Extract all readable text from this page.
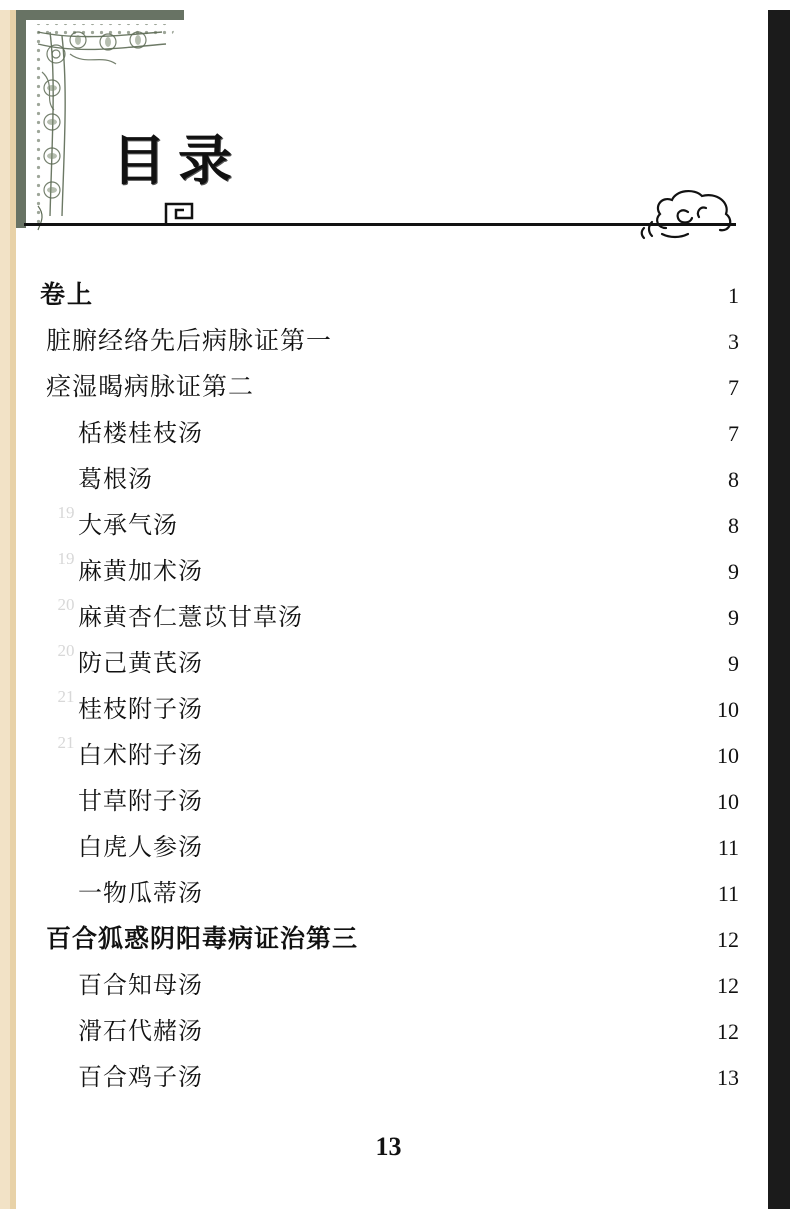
19
19
20
20
21
21
目录
卷上 ·····	1
脏腑经络先后病脉证第一 ·····	3
痉湿暍病脉证第二 ·····	7
栝楼桂枝汤 ·····	7
葛根汤 ·····	8
大承气汤 ·····	8
麻黄加术汤 ·····	9
麻黄杏仁薏苡甘草汤 ·····	9
防己黄芪汤 ·····	9
桂枝附子汤 ·····	10
白术附子汤 ·····	10
甘草附子汤 ·····	10
白虎人参汤 ·····	11
一物瓜蒂汤 ·····	11
百合狐惑阴阳毒病证治第三 ·····	12
百合知母汤 ·····	12
滑石代赭汤 ·····	12
百合鸡子汤 ·····	13
13
